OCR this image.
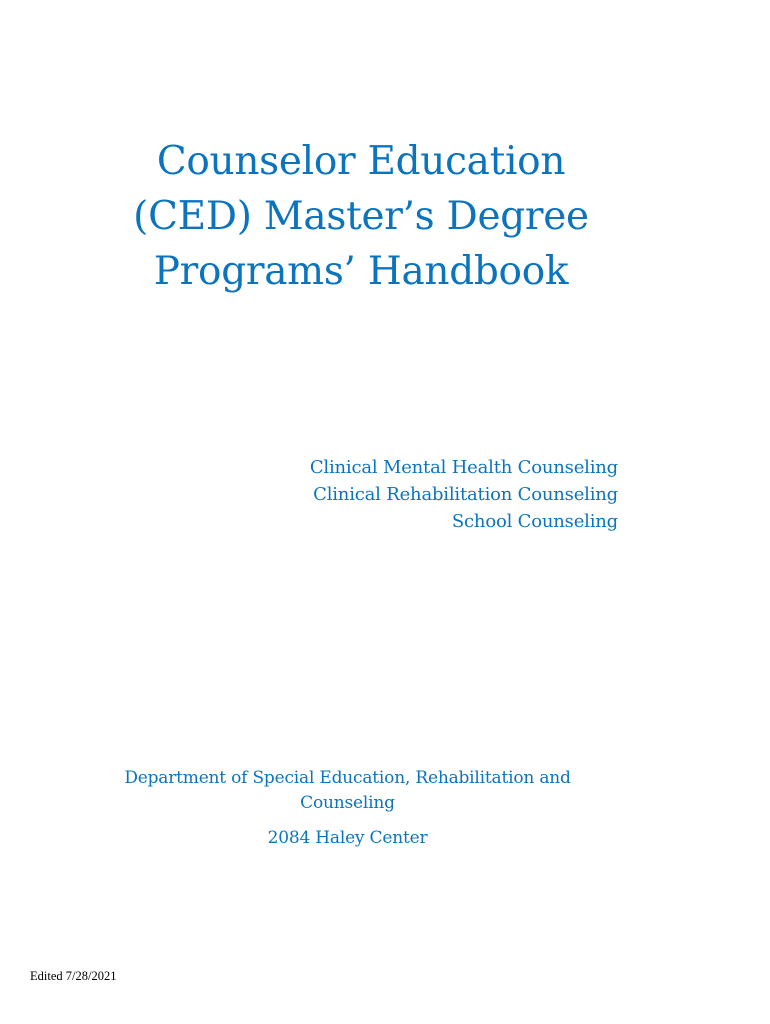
Counselor Education
(CED) Master’s Degree
Programs’ Handbook
Clinical Mental Health Counseling
Clinical Rehabilitation Counseling
School Counseling
Department of Special Education, Rehabilitation and
Counseling
2084 Haley Center
Edited 7/28/2021
